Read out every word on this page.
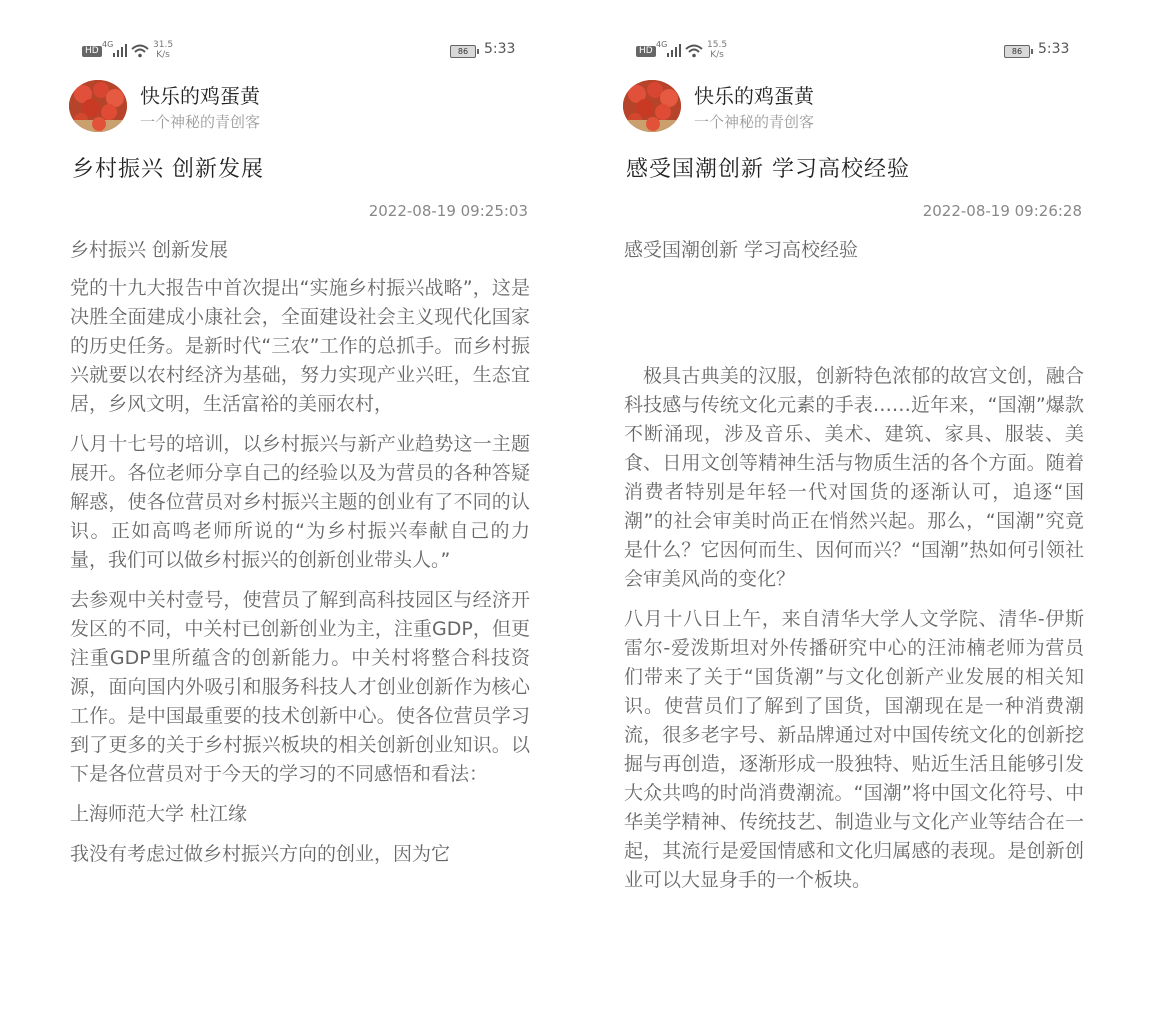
HD
4G	31.5
K/s	86	5:33
快乐的鸡蛋黄
一个神秘的青创客
乡村振兴 创新发展
2022-08-19 09:25:03

乡村振兴 创新发展

党的十九大报告中首次提出“实施乡村振兴战略”，这是决胜全面建成小康社会，全面建设社会主义现代化国家的历史任务。是新时代“三农”工作的总抓手。而乡村振兴就要以农村经济为基础，努力实现产业兴旺，生态宜居，乡风文明，生活富裕的美丽农村，

八月十七号的培训，以乡村振兴与新产业趋势这一主题展开。各位老师分享自己的经验以及为营员的各种答疑解惑，使各位营员对乡村振兴主题的创业有了不同的认识。正如高鸣老师所说的“为乡村振兴奉献自己的力量，我们可以做乡村振兴的创新创业带头人。”

去参观中关村壹号，使营员了解到高科技园区与经济开发区的不同，中关村已创新创业为主，注重GDP，但更注重GDP里所蕴含的创新能力。中关村将整合科技资源，面向国内外吸引和服务科技人才创业创新作为核心工作。是中国最重要的技术创新中心。使各位营员学习到了更多的关于乡村振兴板块的相关创新创业知识。以下是各位营员对于今天的学习的不同感悟和看法：

上海师范大学 杜江缘

我没有考虑过做乡村振兴方向的创业，因为它

HD
4G	15.5
K/s	86	5:33
快乐的鸡蛋黄
一个神秘的青创客
感受国潮创新 学习高校经验
2022-08-19 09:26:28

感受国潮创新 学习高校经验

极具古典美的汉服，创新特色浓郁的故宫文创，融合科技感与传统文化元素的手表……近年来，“国潮”爆款不断涌现，涉及音乐、美术、建筑、家具、服装、美食、日用文创等精神生活与物质生活的各个方面。随着消费者特别是年轻一代对国货的逐渐认可，追逐“国潮”的社会审美时尚正在悄然兴起。那么，“国潮”究竟是什么？它因何而生、因何而兴？“国潮”热如何引领社会审美风尚的变化？

八月十八日上午，来自清华大学人文学院、清华-伊斯雷尔-爱泼斯坦对外传播研究中心的汪沛楠老师为营员们带来了关于“国货潮”与文化创新产业发展的相关知识。使营员们了解到了国货，国潮现在是一种消费潮流，很多老字号、新品牌通过对中国传统文化的创新挖掘与再创造，逐渐形成一股独特、贴近生活且能够引发大众共鸣的时尚消费潮流。“国潮”将中国文化符号、中华美学精神、传统技艺、制造业与文化产业等结合在一起，其流行是爱国情感和文化归属感的表现。是创新创业可以大显身手的一个板块。
